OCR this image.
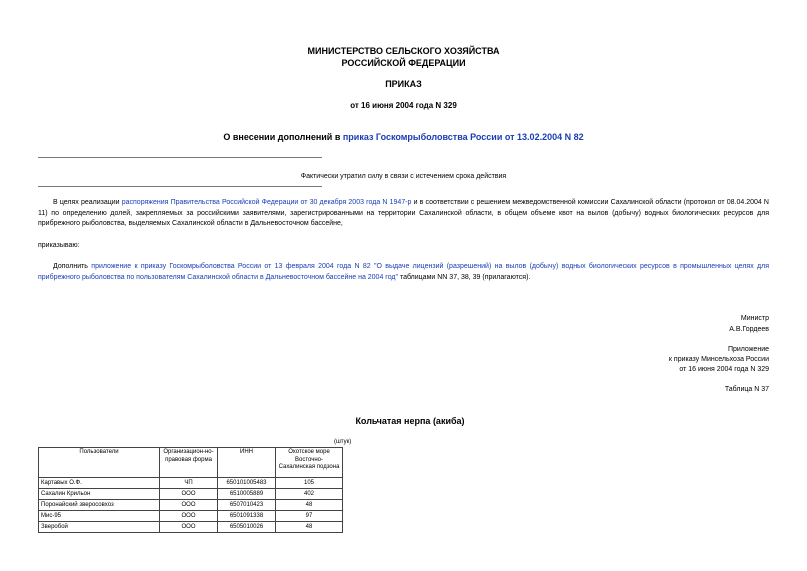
МИНИСТЕРСТВО СЕЛЬСКОГО ХОЗЯЙСТВА
РОССИЙСКОЙ ФЕДЕРАЦИИ
ПРИКАЗ
от 16 июня 2004 года N 329
О внесении дополнений в приказ Госкомрыболовства России от 13.02.2004 N 82
Фактически утратил силу в связи с истечением срока действия
В целях реализации распоряжения Правительства Российской Федерации от 30 декабря 2003 года N 1947-р и в соответствии с решением межведомственной комиссии Сахалинской области (протокол от 08.04.2004 N 11) по определению долей, закрепляемых за российскими заявителями, зарегистрированными на территории Сахалинской области, в общем объеме квот на вылов (добычу) водных биологических ресурсов для прибрежного рыболовства, выделяемых Сахалинской области в Дальневосточном бассейне,
приказываю:
Дополнить приложение к приказу Госкомрыболовства России от 13 февраля 2004 года N 82 "О выдаче лицензий (разрешений) на вылов (добычу) водных биологических ресурсов в промышленных целях для прибрежного рыболовства по пользователям Сахалинской области в Дальневосточном бассейне на 2004 год" таблицами NN 37, 38, 39 (прилагаются).
Министр
А.В.Гордеев
Приложение
к приказу Минсельхоза России
от 16 июня 2004 года N 329
Таблица N 37
Кольчатая нерпа (акиба)
(штук)
Пользователи	Организацион-но-правовая форма	ИНН	Охотское море Восточно-Сахалинская подзона
Картавых О.Ф.	ЧП	650101005483	105
Сахалин Крильон	ООО	6510005889	402
Поронайский зверосовхоз	ООО	6507010423	48
Мис-95	ООО	6501091338	97
Зверобой	ООО	6505010026	48
